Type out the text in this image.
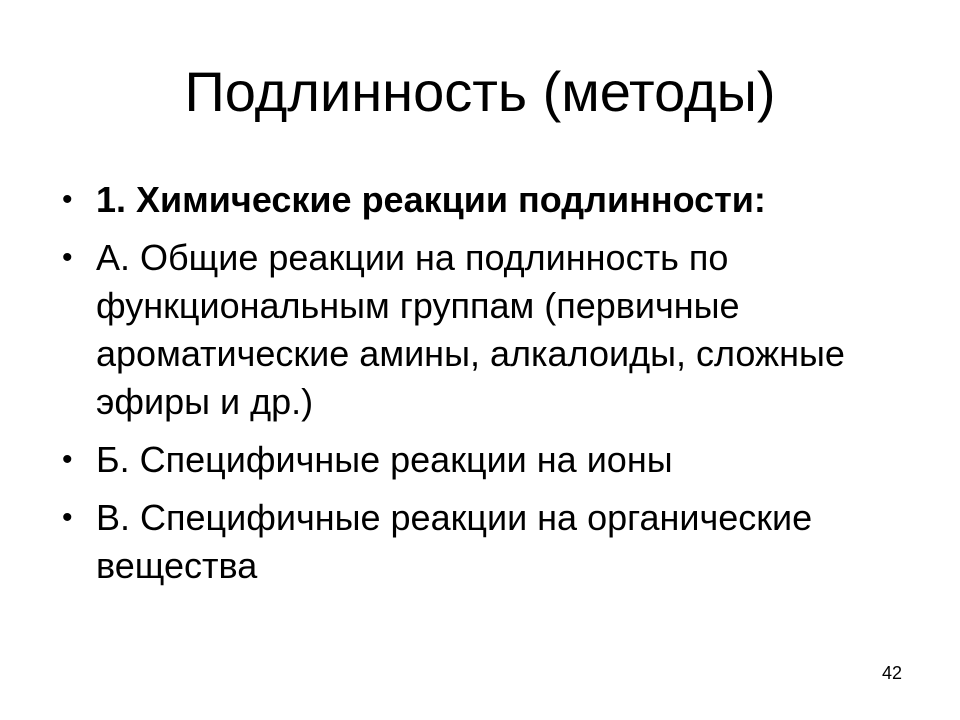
Подлинность (методы)
• 1. Химические реакции подлинности:
• А. Общие реакции на подлинность по функциональным группам (первичные ароматические амины, алкалоиды, сложные эфиры и др.)
• Б. Специфичные реакции на ионы
• В. Специфичные реакции на органические вещества
42
